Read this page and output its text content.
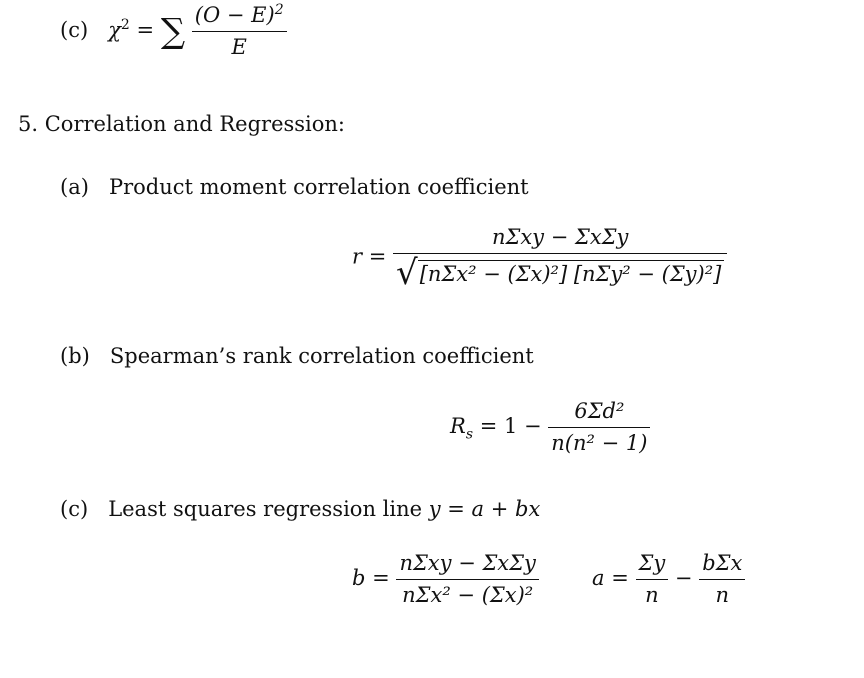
(c) $\chi^2$ = ∑ $\frac{(O - E)^2}{E}$
5. Correlation and Regression:
(a) Product moment correlation coefficient
$r = \frac{\text{nΣxy − ΣxΣy}}{\text{√[nΣx² − (Σx)²] [nΣy² − (Σy)²]}}$
(b) Spearman’s rank correlation coefficient
$R_s = 1 - \frac{\text{6Σd²}}{\text{n(n² − 1)}}$
(c) Least squares regression line y = a + bx
$b = \frac{\text{nΣxy − ΣxΣy}}{\text{nΣx² − (Σx)²}}$	$a = \frac{\Sigma y}{n} - \frac{\text{bΣx}}{n}$
